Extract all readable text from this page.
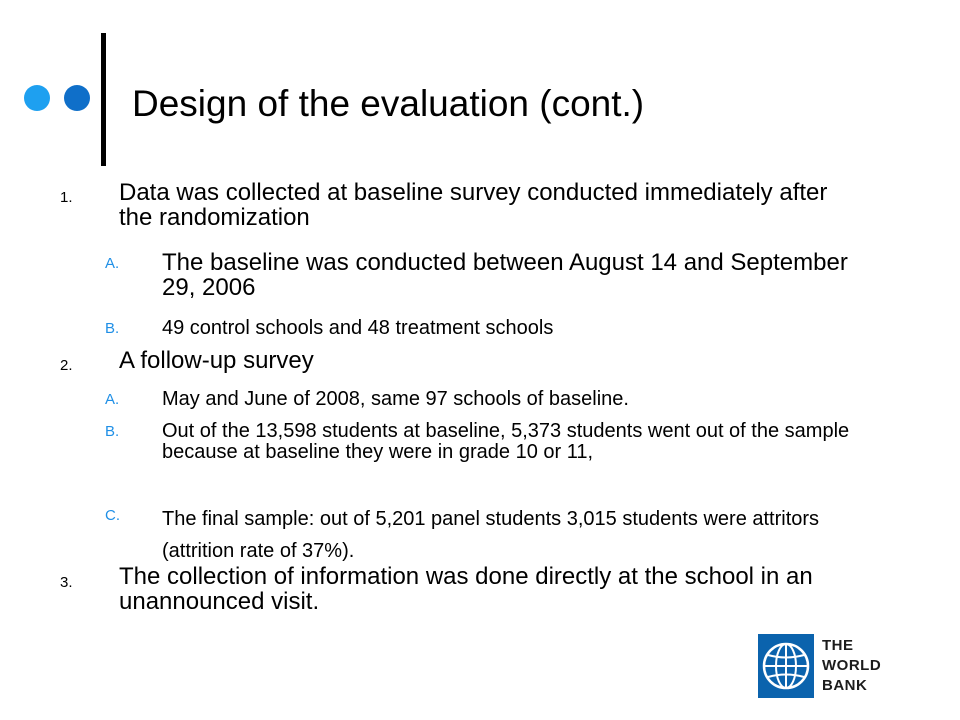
Design of the evaluation (cont.)
1. Data was collected at baseline survey conducted immediately after the randomization
A. The baseline was conducted between August 14 and September 29, 2006
B. 49 control schools and 48 treatment schools
2. A follow-up survey
A. May and June of 2008, same 97 schools of baseline.
B. Out of the 13,598 students at baseline, 5,373 students went out of the sample because at baseline they were in grade 10 or 11,
C. The final sample: out of 5,201 panel students 3,015 students were attritors (attrition rate of 37%).
3. The collection of information was done directly at the school in an unannounced visit.
THE
WORLD
BANK
